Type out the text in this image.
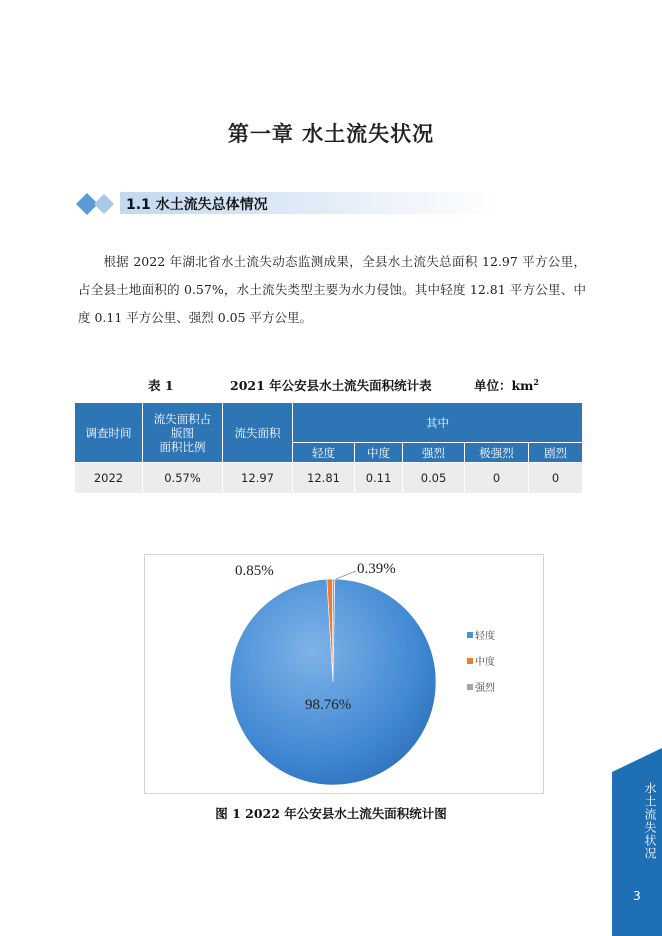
第一章 水土流失状况
1.1 水土流失总体情况
根据 2022 年湖北省水土流失动态监测成果，全县水土流失总面积 12.97 平方公里，占全县土地面积的 0.57%，水土流失类型主要为水力侵蚀。其中轻度 12.81 平方公里、中度 0.11 平方公里、强烈 0.05 平方公里。
表 1	2021 年公安县水土流失面积统计表	单位：$km^2$
调查时间	流失面积占
版图
面积比例	流失面积	其中				
			轻度	中度	强烈	极强烈	剧烈
2022	0.57%	12.97	12.81	0.11	0.05	0	0
98.76%
0.85%	0.39%
轻度
中度
强烈
图 1 2022 年公安县水土流失面积统计图	水土流失状况
3
